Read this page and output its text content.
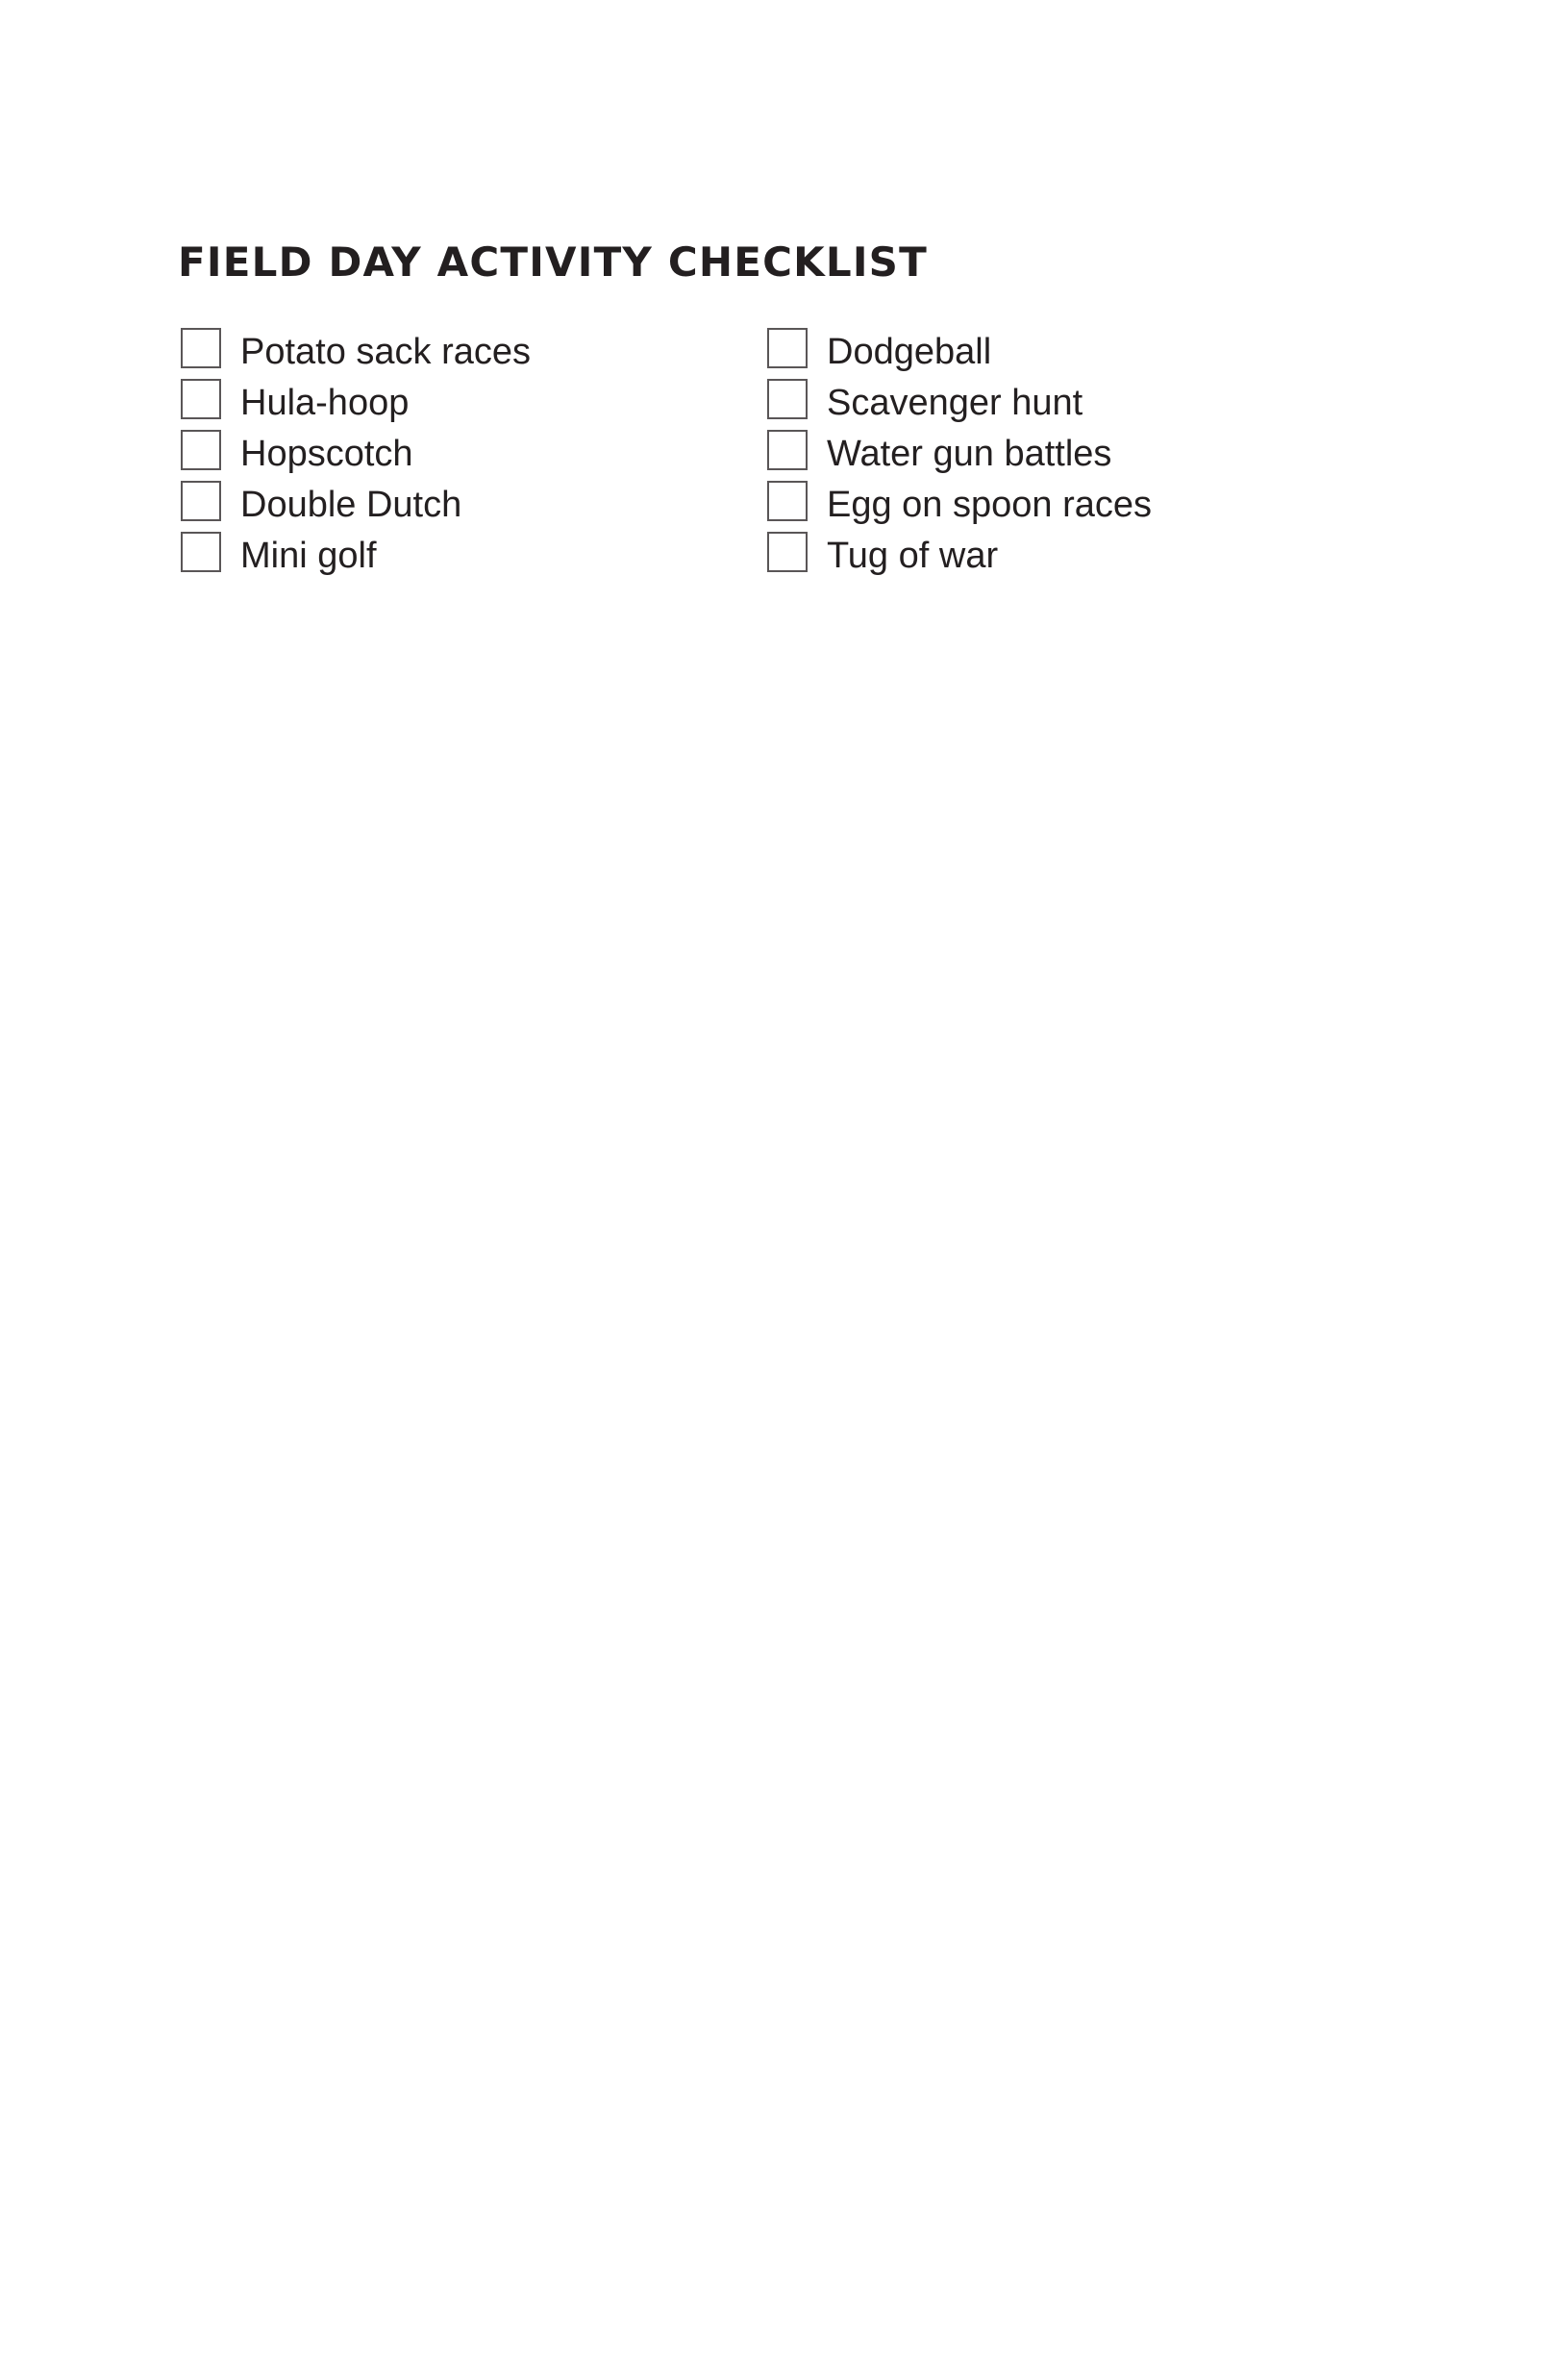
FIELD DAY ACTIVITY CHECKLIST
Potato sack races
Hula-hoop
Hopscotch
Double Dutch
Mini golf
Dodgeball
Scavenger hunt
Water gun battles
Egg on spoon races
Tug of war
